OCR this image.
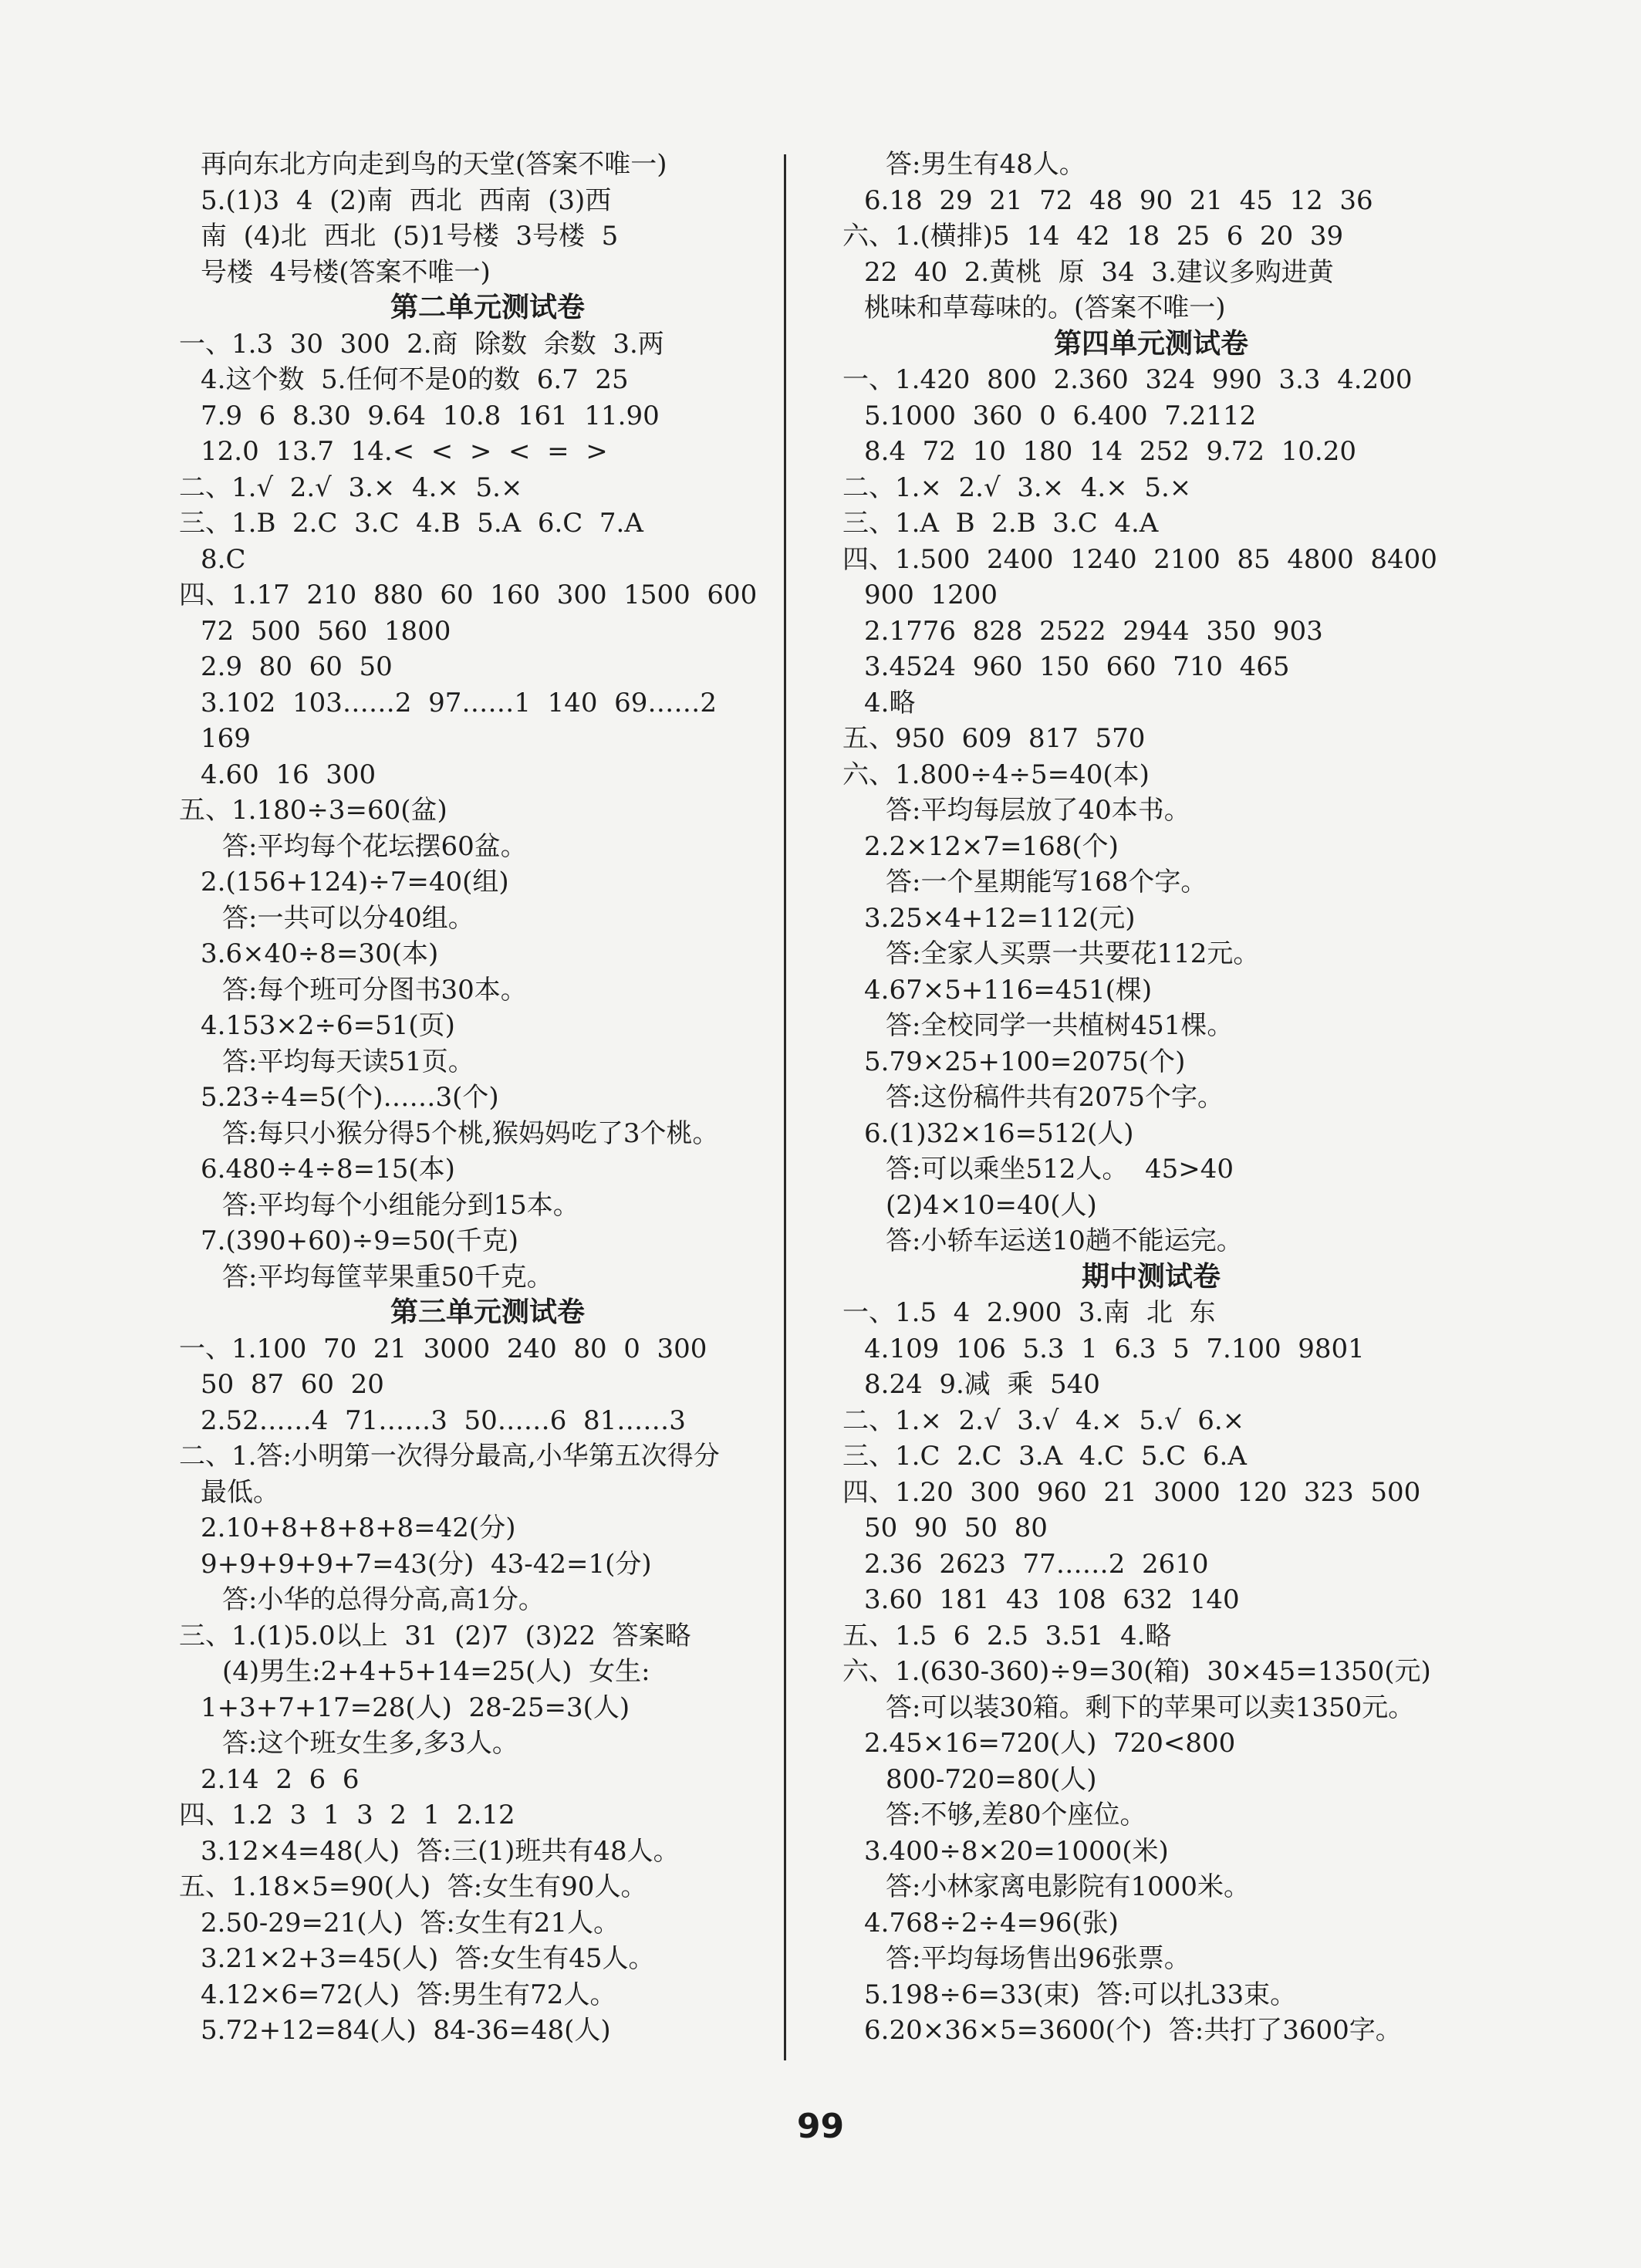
再向东北方向走到鸟的天堂(答案不唯一)
5.(1)3  4  (2)南  西北  西南  (3)西
南  (4)北  西北  (5)1号楼  3号楼  5
号楼  4号楼(答案不唯一)
第二单元测试卷
一、1.3  30  300  2.商  除数  余数  3.两
4.这个数  5.任何不是0的数  6.7  25
7.9  6  8.30  9.64  10.8  161  11.90
12.0  13.7  14.<  <  >  <  =  >
二、1.√  2.√  3.×  4.×  5.×
三、1.B  2.C  3.C  4.B  5.A  6.C  7.A
8.C
四、1.17  210  880  60  160  300  1500  600
72  500  560  1800
2.9  80  60  50
3.102  103……2  97……1  140  69……2
169
4.60  16  300
五、1.180÷3=60(盆)
答:平均每个花坛摆60盆。
2.(156+124)÷7=40(组)
答:一共可以分40组。
3.6×40÷8=30(本)
答:每个班可分图书30本。
4.153×2÷6=51(页)
答:平均每天读51页。
5.23÷4=5(个)……3(个)
答:每只小猴分得5个桃,猴妈妈吃了3个桃。
6.480÷4÷8=15(本)
答:平均每个小组能分到15本。
7.(390+60)÷9=50(千克)
答:平均每筐苹果重50千克。
第三单元测试卷
一、1.100  70  21  3000  240  80  0  300
50  87  60  20
2.52……4  71……3  50……6  81……3
二、1.答:小明第一次得分最高,小华第五次得分
最低。
2.10+8+8+8+8=42(分)
9+9+9+9+7=43(分)  43-42=1(分)
答:小华的总得分高,高1分。
三、1.(1)5.0以上  31  (2)7  (3)22  答案略
(4)男生:2+4+5+14=25(人)  女生:
1+3+7+17=28(人)  28-25=3(人)
答:这个班女生多,多3人。
2.14  2  6  6
四、1.2  3  1  3  2  1  2.12
3.12×4=48(人)  答:三(1)班共有48人。
五、1.18×5=90(人)  答:女生有90人。
2.50-29=21(人)  答:女生有21人。
3.21×2+3=45(人)  答:女生有45人。
4.12×6=72(人)  答:男生有72人。
5.72+12=84(人)  84-36=48(人)
答:男生有48人。
6.18  29  21  72  48  90  21  45  12  36
六、1.(横排)5  14  42  18  25  6  20  39
22  40  2.黄桃  原  34  3.建议多购进黄
桃味和草莓味的。(答案不唯一)
第四单元测试卷
一、1.420  800  2.360  324  990  3.3  4.200
5.1000  360  0  6.400  7.2112
8.4  72  10  180  14  252  9.72  10.20
二、1.×  2.√  3.×  4.×  5.×
三、1.A  B  2.B  3.C  4.A
四、1.500  2400  1240  2100  85  4800  8400
900  1200
2.1776  828  2522  2944  350  903
3.4524  960  150  660  710  465
4.略
五、950  609  817  570
六、1.800÷4÷5=40(本)
答:平均每层放了40本书。
2.2×12×7=168(个)
答:一个星期能写168个字。
3.25×4+12=112(元)
答:全家人买票一共要花112元。
4.67×5+116=451(棵)
答:全校同学一共植树451棵。
5.79×25+100=2075(个)
答:这份稿件共有2075个字。
6.(1)32×16=512(人)
答:可以乘坐512人。  45>40
(2)4×10=40(人)
答:小轿车运送10趟不能运完。
期中测试卷
一、1.5  4  2.900  3.南  北  东
4.109  106  5.3  1  6.3  5  7.100  9801
8.24  9.减  乘  540
二、1.×  2.√  3.√  4.×  5.√  6.×
三、1.C  2.C  3.A  4.C  5.C  6.A
四、1.20  300  960  21  3000  120  323  500
50  90  50  80
2.36  2623  77……2  2610
3.60  181  43  108  632  140
五、1.5  6  2.5  3.51  4.略
六、1.(630-360)÷9=30(箱)  30×45=1350(元)
答:可以装30箱。剩下的苹果可以卖1350元。
2.45×16=720(人)  720<800
800-720=80(人)
答:不够,差80个座位。
3.400÷8×20=1000(米)
答:小林家离电影院有1000米。
4.768÷2÷4=96(张)
答:平均每场售出96张票。
5.198÷6=33(束)  答:可以扎33束。
6.20×36×5=3600(个)  答:共打了3600字。
99
